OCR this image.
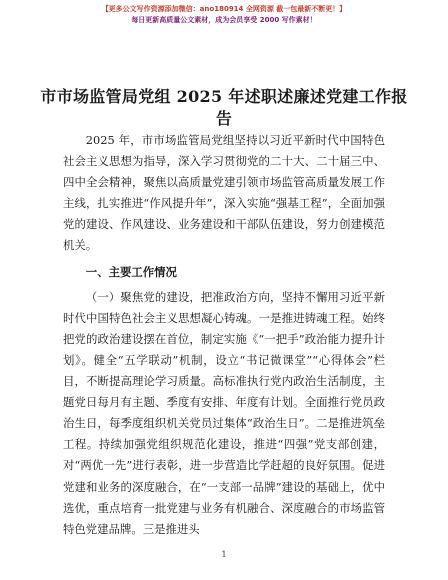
【更多公文写作资源添加微信：ano180914 全网资源 截一包最新不断更！】
每日更新高质量公文素材，成为会员享受 2000 写作素材！
市市场监管局党组 2025 年述职述廉述党建工作报告

2025 年，市市场监管局党组坚持以习近平新时代中国特色社会主义思想为指导，深入学习贯彻党的二十大、二十届三中、四中全会精神，聚焦以高质量党建引领市场监管高质量发展工作主线，扎实推进“作风提升年”，深入实施“强基工程”，全面加强党的建设、作风建设、业务建设和干部队伍建设，努力创建模范机关。

一、主要工作情况

（一）聚焦党的建设，把准政治方向，坚持不懈用习近平新时代中国特色社会主义思想凝心铸魂。一是推进铸魂工程。始终把党的政治建设摆在首位，制定实施《“一把手”政治能力提升计划》。健全“五学联动”机制，设立“书记微课堂”“心得体会”栏目，不断提高理论学习质量。高标准执行党内政治生活制度，主题党日每月有主题、季度有安排、年度有计划。全面推行党员政治生日，每季度组织机关党员过集体“政治生日”。二是推进筑垒工程。持续加强党组织规范化建设，推进“四强”党支部创建，对“两优一先”进行表彰，进一步营造比学赶超的良好氛围。促进党建和业务的深度融合，在“一支部一品牌”建设的基础上，优中选优，重点培育一批党建与业务有机融合、深度融合的市场监管特色党建品牌。三是推进头

1
